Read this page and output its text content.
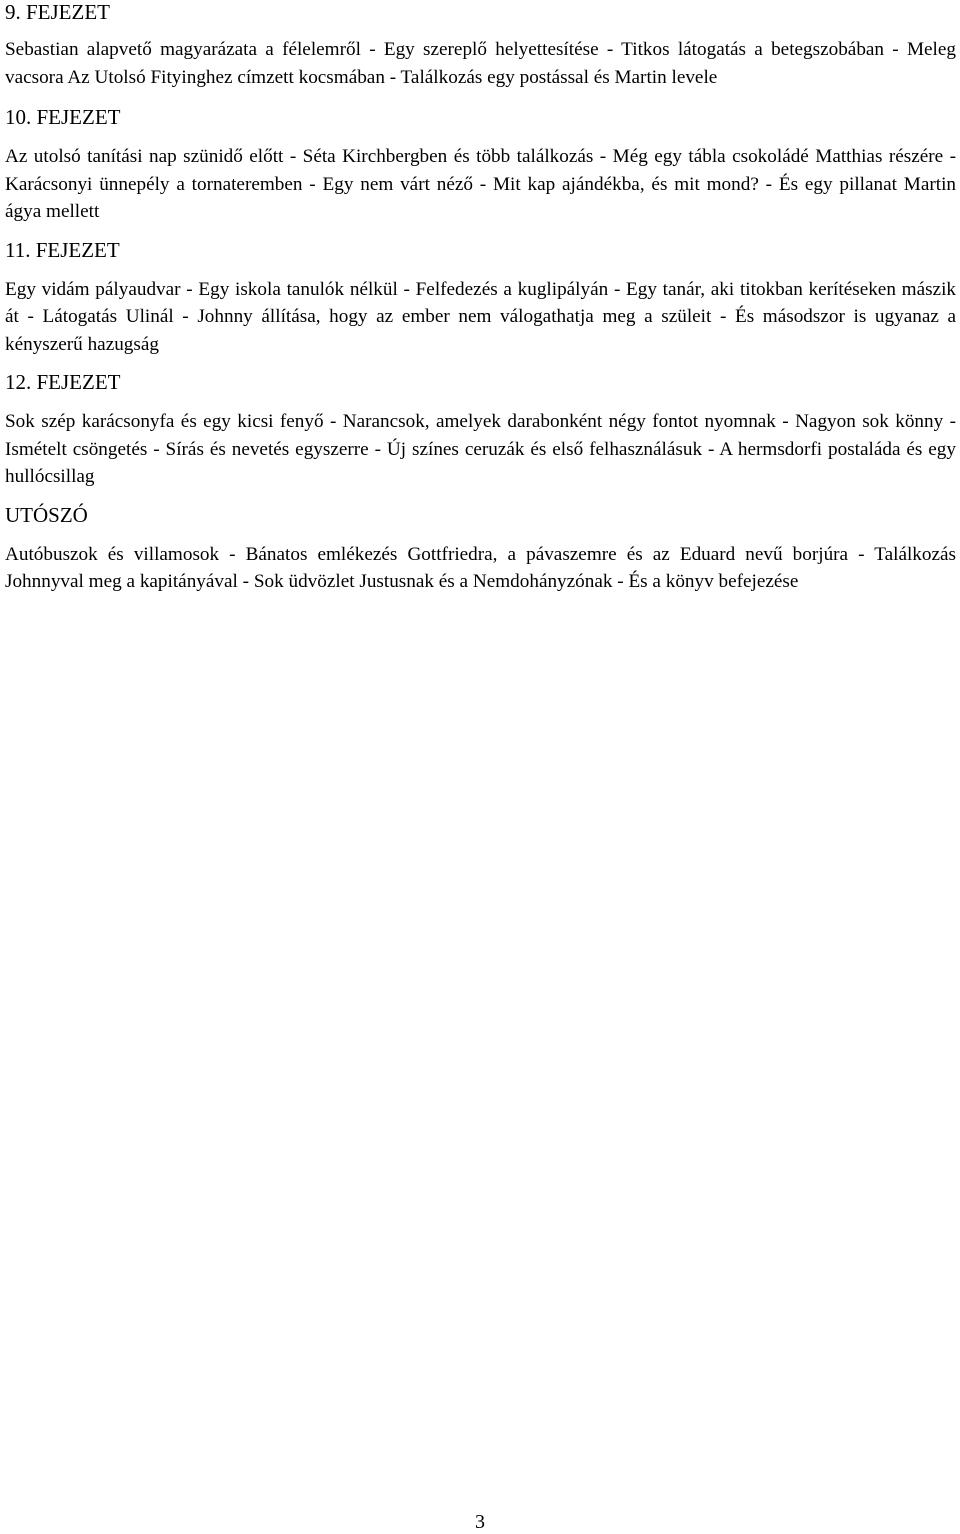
9. FEJEZET

Sebastian alapvető magyarázata a félelemről - Egy szereplő helyettesítése - Titkos látogatás a betegszobában - Meleg vacsora Az Utolsó Fityinghez címzett kocsmában - Találkozás egy postással és Martin levele

10. FEJEZET

Az utolsó tanítási nap szünidő előtt - Séta Kirchbergben és több találkozás - Még egy tábla csokoládé Matthias részére - Karácsonyi ünnepély a tornateremben - Egy nem várt néző - Mit kap ajándékba, és mit mond? - És egy pillanat Martin ágya mellett

11. FEJEZET

Egy vidám pályaudvar - Egy iskola tanulók nélkül - Felfedezés a kuglipályán - Egy tanár, aki titokban kerítéseken mászik át - Látogatás Ulinál - Johnny állítása, hogy az ember nem válogathatja meg a szüleit - És másodszor is ugyanaz a kényszerű hazugság

12. FEJEZET

Sok szép karácsonyfa és egy kicsi fenyő - Narancsok, amelyek darabonként négy fontot nyomnak - Nagyon sok könny - Ismételt csöngetés - Sírás és nevetés egyszerre - Új színes ceruzák és első felhasználásuk - A hermsdorfi postaláda és egy hullócsillag

UTÓSZÓ

Autóbuszok és villamosok - Bánatos emlékezés Gottfriedra, a pávaszemre és az Eduard nevű borjúra - Találkozás Johnnyval meg a kapitányával - Sok üdvözlet Justusnak és a Nemdohányzónak - És a könyv befejezése

3
